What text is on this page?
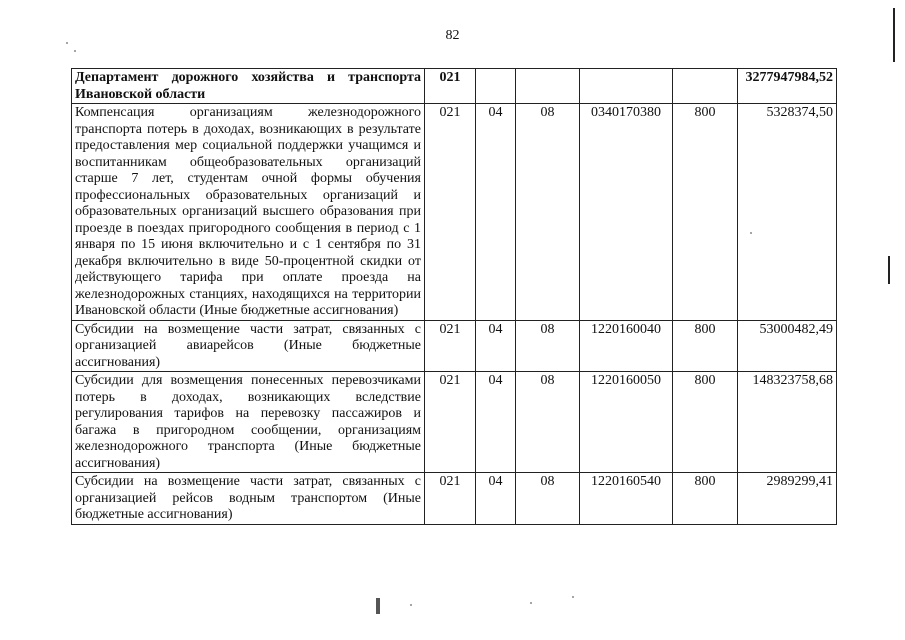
82
Департамент дорожного хозяйства и транспорта Ивановской области	021					3277947984,52
Компенсация организациям железнодорожного транспорта потерь в доходах, возникающих в результате предоставления мер социальной поддержки учащимся и воспитанникам общеобразовательных организаций старше 7 лет, студентам очной формы обучения профессиональных образовательных организаций и образовательных организаций высшего образования при проезде в поездах пригородного сообщения в период с 1 января по 15 июня включительно и с 1 сентября по 31 декабря включительно в виде 50-процентной скидки от действующего тарифа при оплате проезда на железнодорожных станциях, находящихся на территории Ивановской области (Иные бюджетные ассигнования)	021	04	08	0340170380	800	5328374,50
Субсидии на возмещение части затрат, связанных с организацией авиарейсов (Иные бюджетные ассигнования)	021	04	08	1220160040	800	53000482,49
Субсидии для возмещения понесенных перевозчиками потерь в доходах, возникающих вследствие регулирования тарифов на перевозку пассажиров и багажа в пригородном сообщении, организациям железнодорожного транспорта (Иные бюджетные ассигнования)	021	04	08	1220160050	800	148323758,68
Субсидии на возмещение части затрат, связанных с организацией рейсов водным транспортом (Иные бюджетные ассигнования)	021	04	08	1220160540	800	2989299,41
